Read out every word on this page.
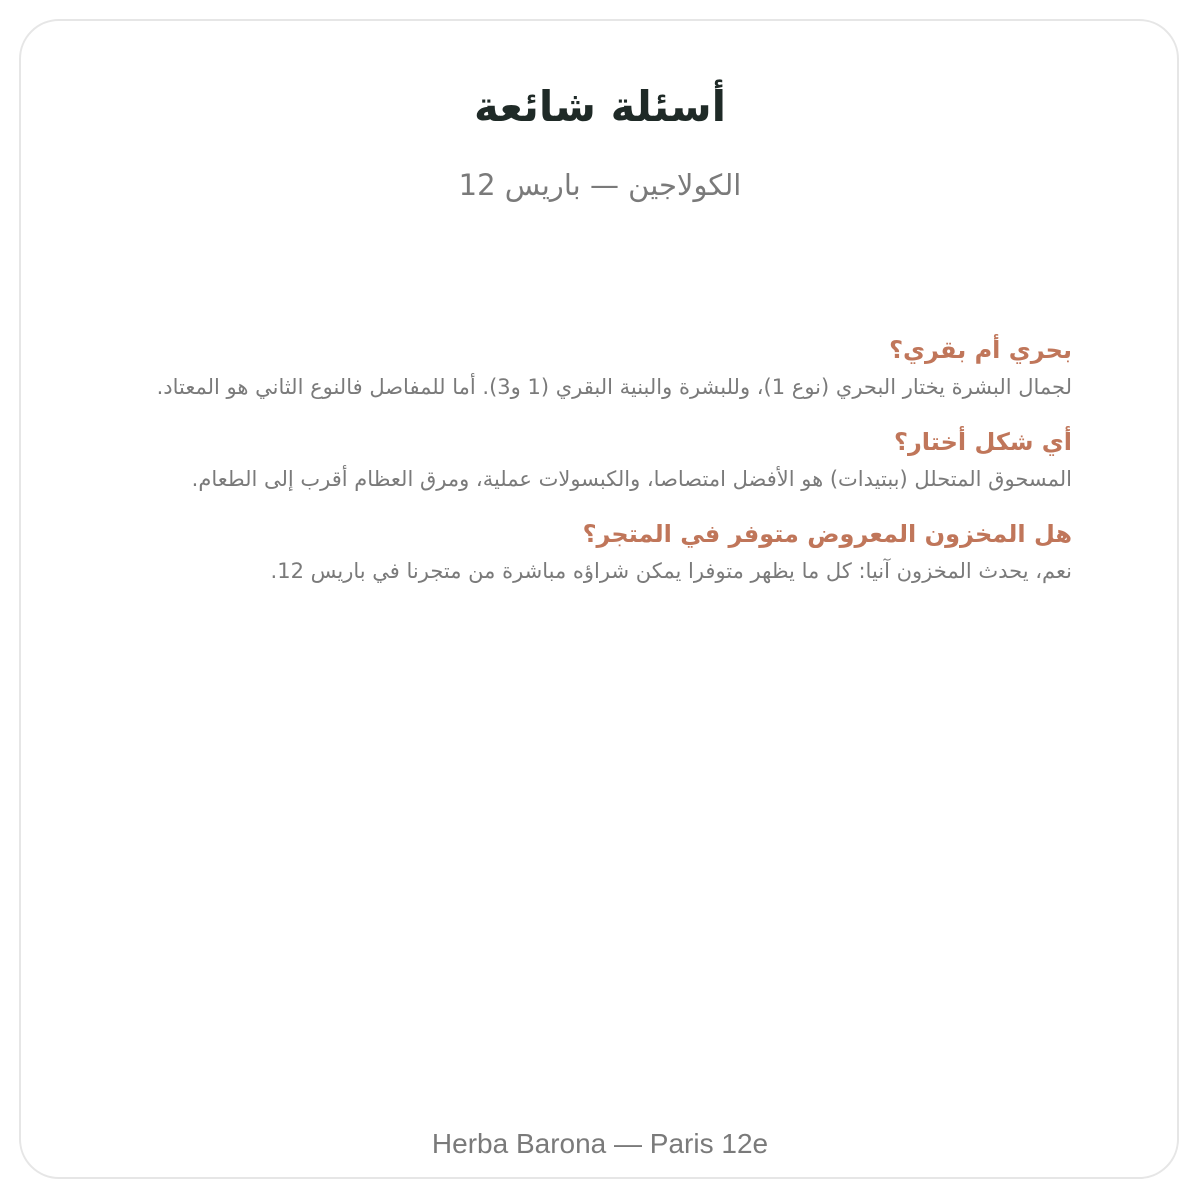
أسئلة شائعة
الكولاجين — باريس 12
بحري أم بقري؟
لجمال البشرة يختار البحري (نوع 1)، وللبشرة والبنية البقري (1 و3). أما للمفاصل فالنوع الثاني هو المعتاد.
أي شكل أختار؟
المسحوق المتحلل (ببتيدات) هو الأفضل امتصاصا، والكبسولات عملية، ومرق العظام أقرب إلى الطعام.
هل المخزون المعروض متوفر في المتجر؟
نعم، يحدث المخزون آنيا: كل ما يظهر متوفرا يمكن شراؤه مباشرة من متجرنا في باريس 12.
Herba Barona — Paris 12e
